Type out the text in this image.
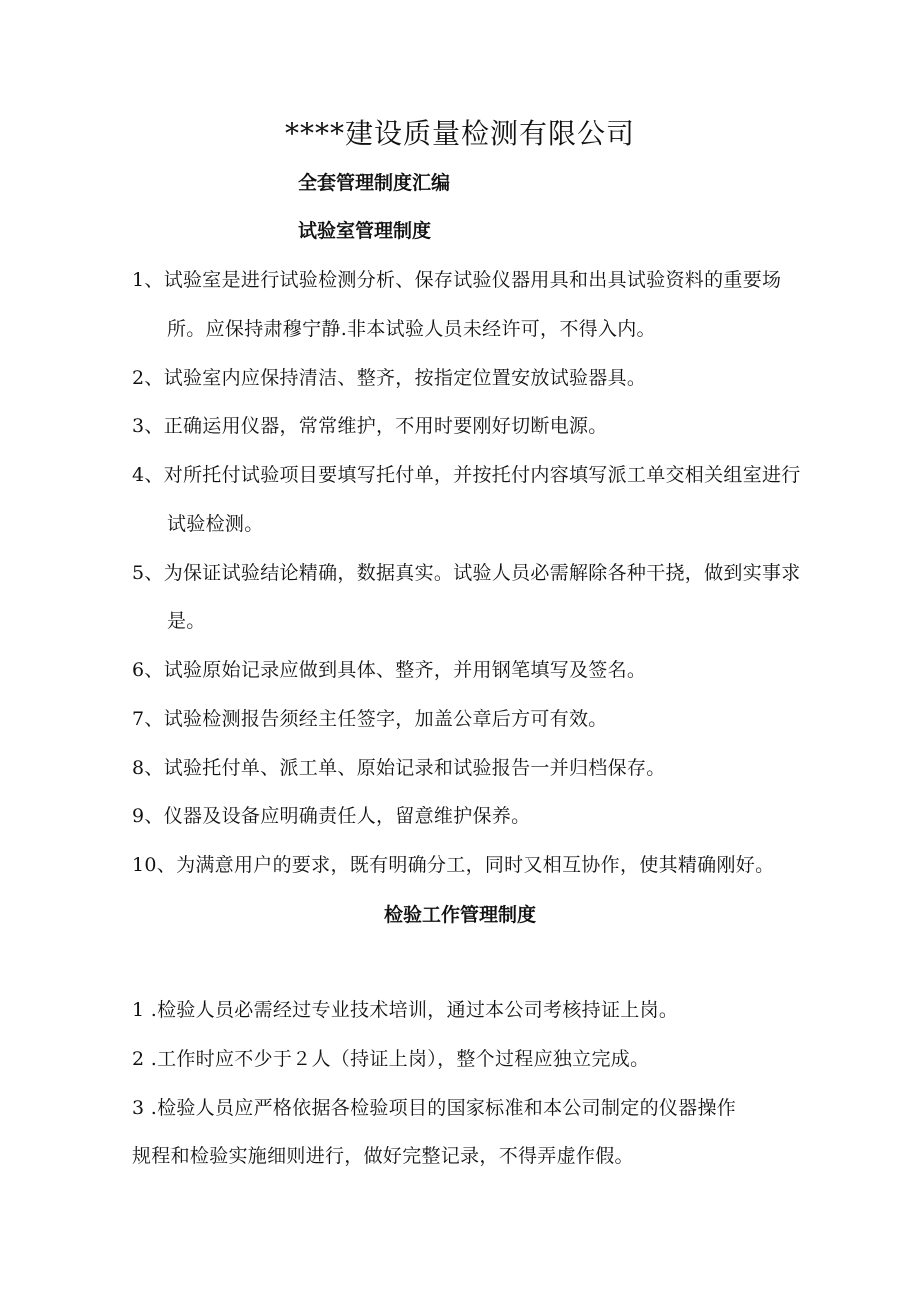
****建设质量检测有限公司
全套管理制度汇编
试验室管理制度
1、试验室是进行试验检测分析、保存试验仪器用具和出具试验资料的重要场
所。应保持肃穆宁静.非本试验人员未经许可，不得入内。
2、试验室内应保持清洁、整齐，按指定位置安放试验器具。
3、正确运用仪器，常常维护，不用时要刚好切断电源。
4、对所托付试验项目要填写托付单，并按托付内容填写派工单交相关组室进行
试验检测。
5、为保证试验结论精确，数据真实。试验人员必需解除各种干挠，做到实事求
是。
6、试验原始记录应做到具体、整齐，并用钢笔填写及签名。
7、试验检测报告须经主任签字，加盖公章后方可有效。
8、试验托付单、派工单、原始记录和试验报告一并归档保存。
9、仪器及设备应明确责任人，留意维护保养。
10、为满意用户的要求，既有明确分工，同时又相互协作，使其精确刚好。
检验工作管理制度
1 .检验人员必需经过专业技术培训，通过本公司考核持证上岗。
2 .工作时应不少于２人（持证上岗），整个过程应独立完成。
3 .检验人员应严格依据各检验项目的国家标准和本公司制定的仪器操作
规程和检验实施细则进行，做好完整记录，不得弄虚作假。
